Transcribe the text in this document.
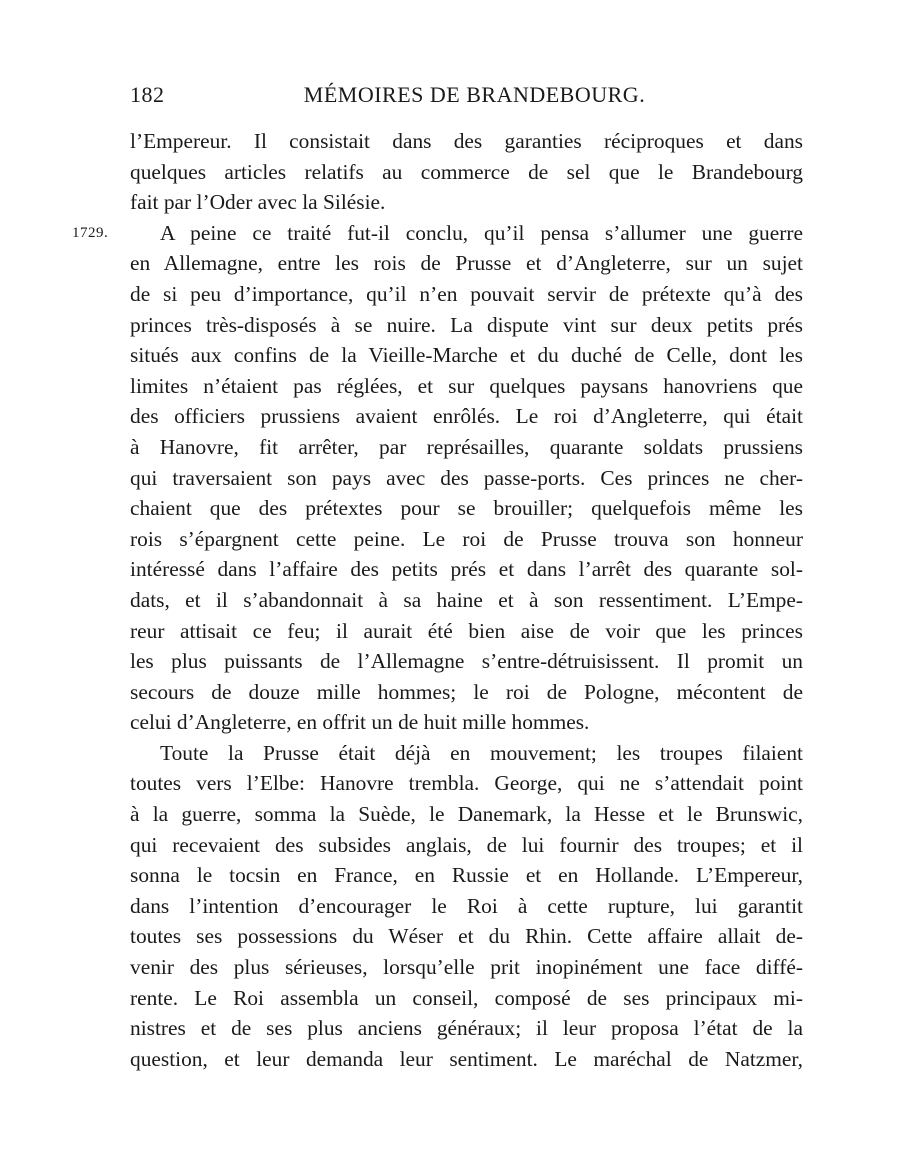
182	MÉMOIRES DE BRANDEBOURG.
l’Empereur. Il consistait dans des garanties réciproques et dans
quelques articles relatifs au commerce de sel que le Brandebourg
fait par l’Oder avec la Silésie.
1729. A peine ce traité fut-il conclu, qu’il pensa s’allumer une guerre
en Allemagne, entre les rois de Prusse et d’Angleterre, sur un sujet
de si peu d’importance, qu’il n’en pouvait servir de prétexte qu’à des
princes très-disposés à se nuire. La dispute vint sur deux petits prés
situés aux confins de la Vieille-Marche et du duché de Celle, dont les
limites n’étaient pas réglées, et sur quelques paysans hanovriens que
des officiers prussiens avaient enrôlés. Le roi d’Angleterre, qui était
à Hanovre, fit arrêter, par représailles, quarante soldats prussiens
qui traversaient son pays avec des passe-ports. Ces princes ne cher-
chaient que des prétextes pour se brouiller; quelquefois même les
rois s’épargnent cette peine. Le roi de Prusse trouva son honneur
intéressé dans l’affaire des petits prés et dans l’arrêt des quarante sol-
dats, et il s’abandonnait à sa haine et à son ressentiment. L’Empe-
reur attisait ce feu; il aurait été bien aise de voir que les princes
les plus puissants de l’Allemagne s’entre-détruisissent. Il promit un
secours de douze mille hommes; le roi de Pologne, mécontent de
celui d’Angleterre, en offrit un de huit mille hommes.
Toute la Prusse était déjà en mouvement; les troupes filaient
toutes vers l’Elbe: Hanovre trembla. George, qui ne s’attendait point
à la guerre, somma la Suède, le Danemark, la Hesse et le Brunswic,
qui recevaient des subsides anglais, de lui fournir des troupes; et il
sonna le tocsin en France, en Russie et en Hollande. L’Empereur,
dans l’intention d’encourager le Roi à cette rupture, lui garantit
toutes ses possessions du Wéser et du Rhin. Cette affaire allait de-
venir des plus sérieuses, lorsqu’elle prit inopinément une face diffé-
rente. Le Roi assembla un conseil, composé de ses principaux mi-
nistres et de ses plus anciens généraux; il leur proposa l’état de la
question, et leur demanda leur sentiment. Le maréchal de Natzmer,
